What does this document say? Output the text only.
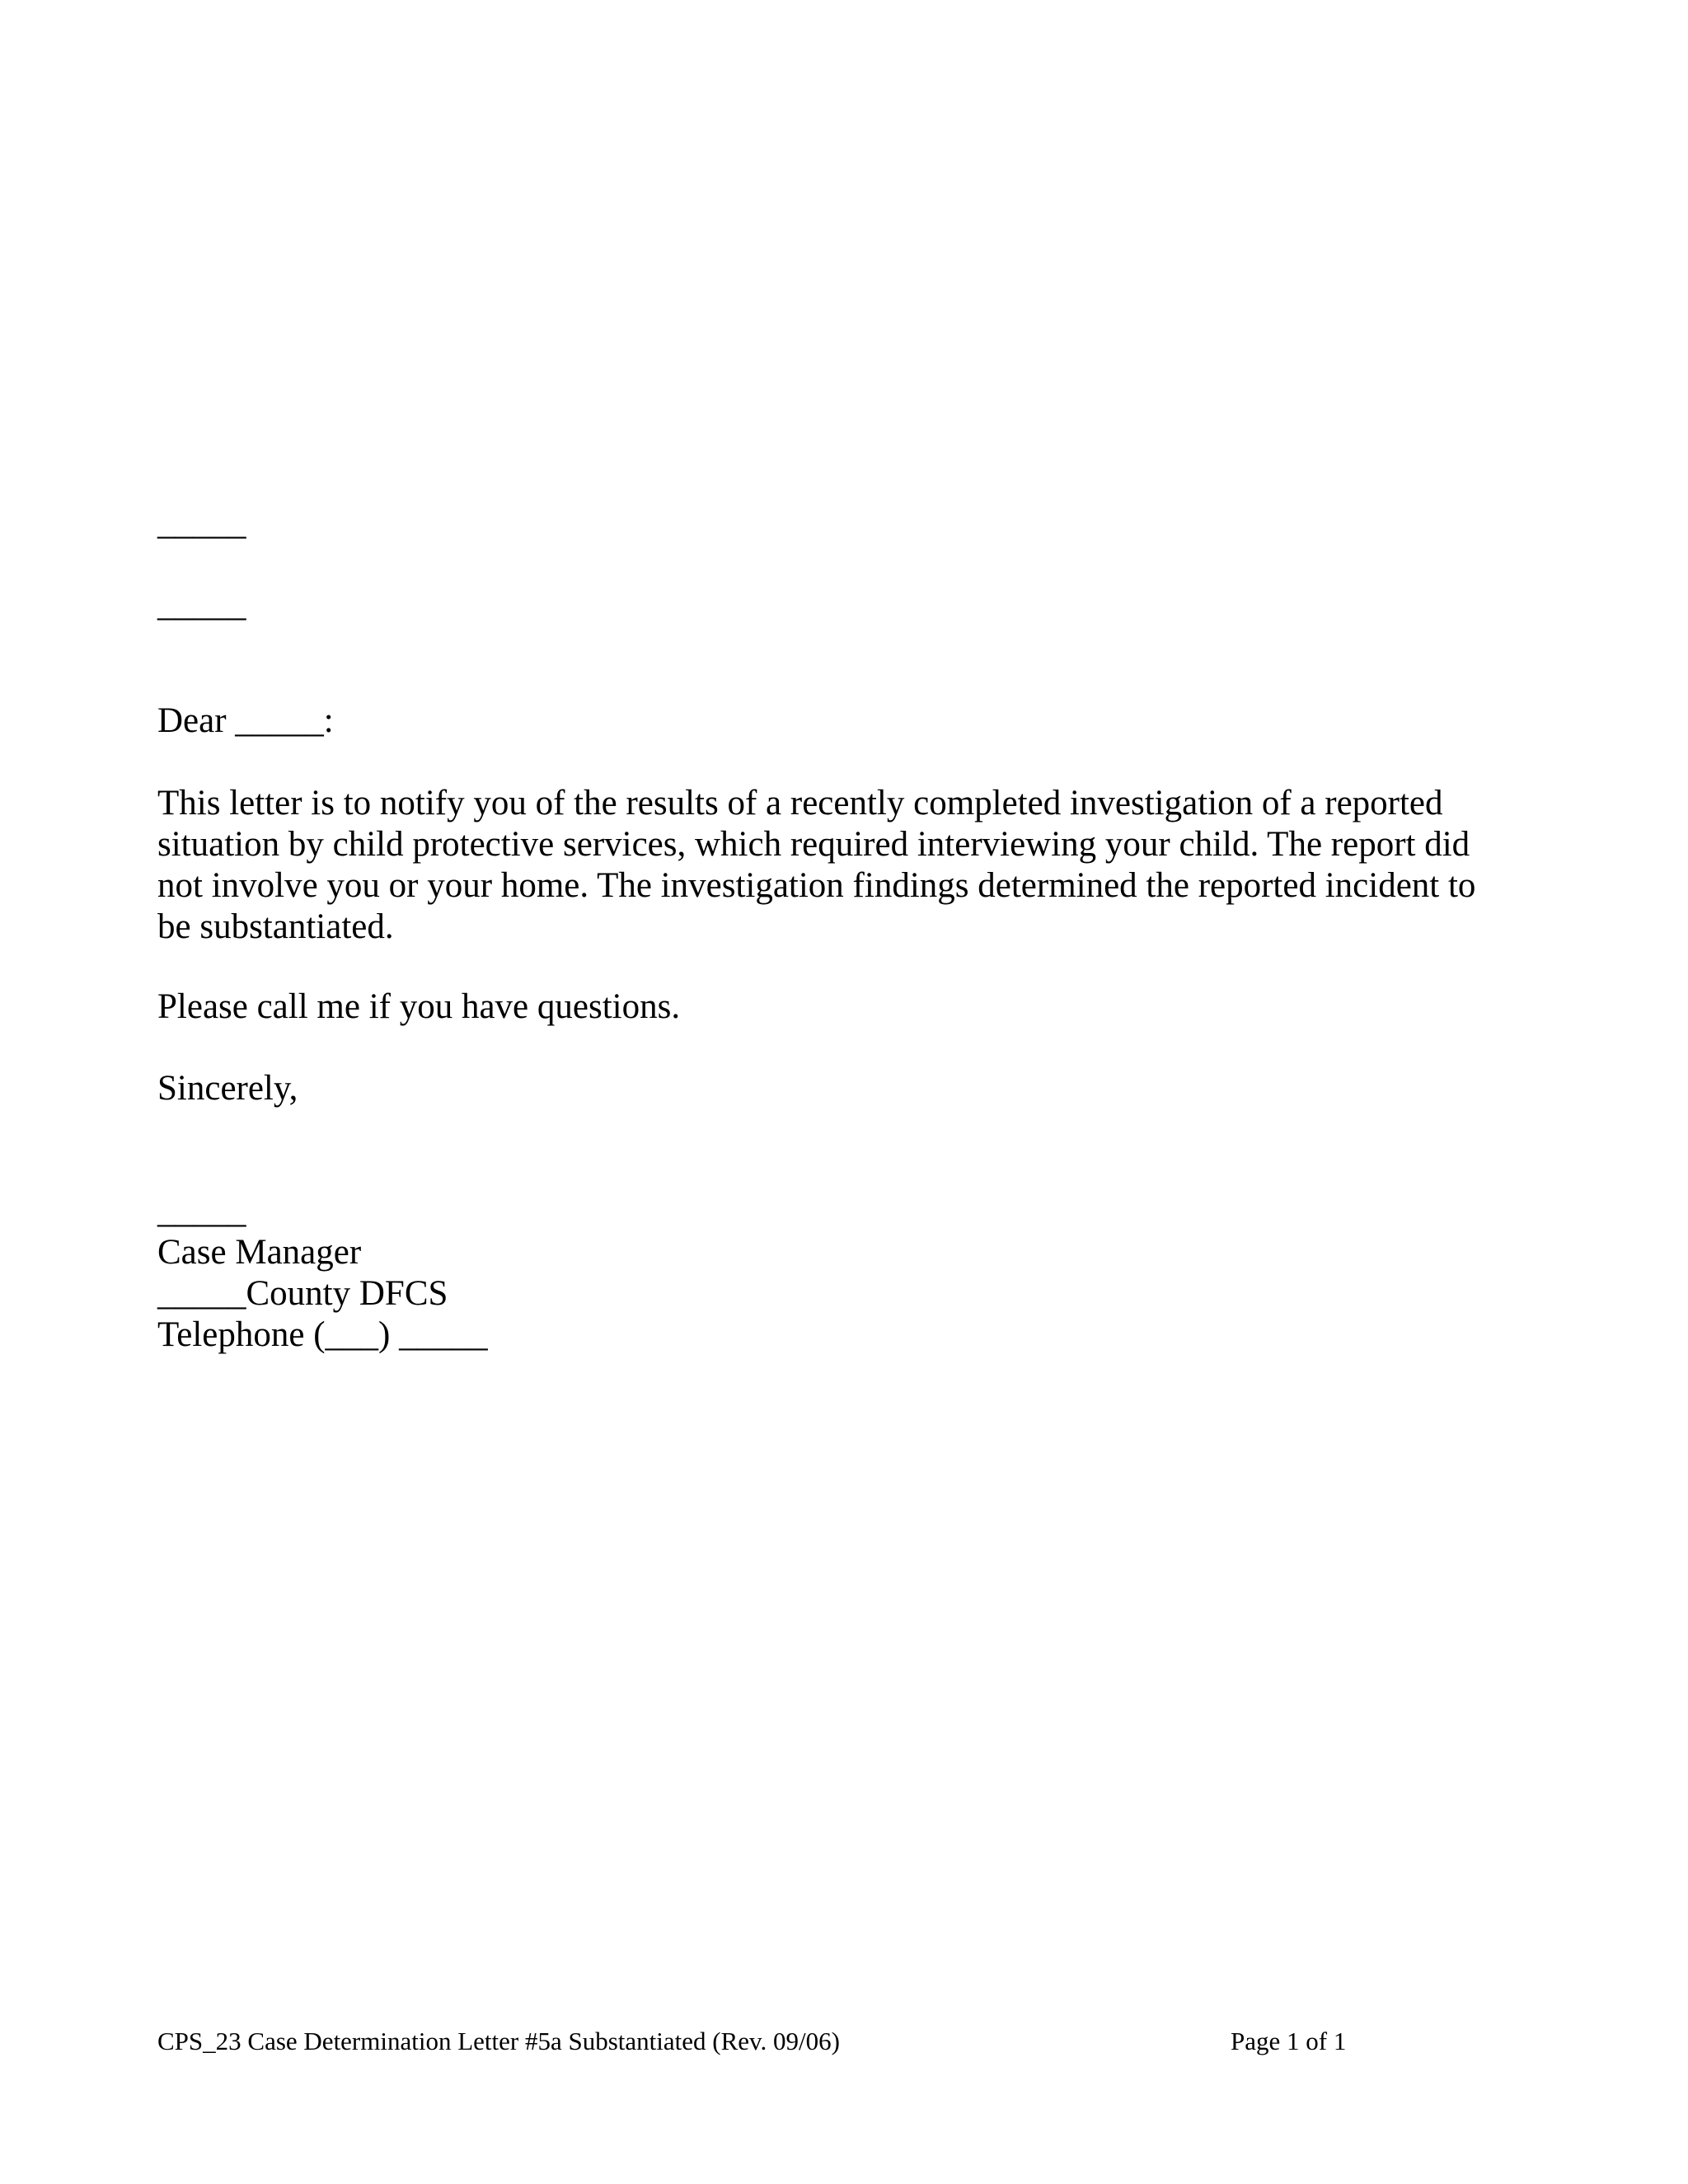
_____
_____
Dear _____:
This letter is to notify you of the results of a recently completed investigation of a reported
situation by child protective services, which required interviewing your child. The report did
not involve you or your home. The investigation findings determined the reported incident to
be substantiated.
Please call me if you have questions.
Sincerely,
_____
Case Manager
_____County DFCS
Telephone (___) _____
CPS_23 Case Determination Letter #5a Substantiated (Rev. 09/06)	Page 1 of 1
